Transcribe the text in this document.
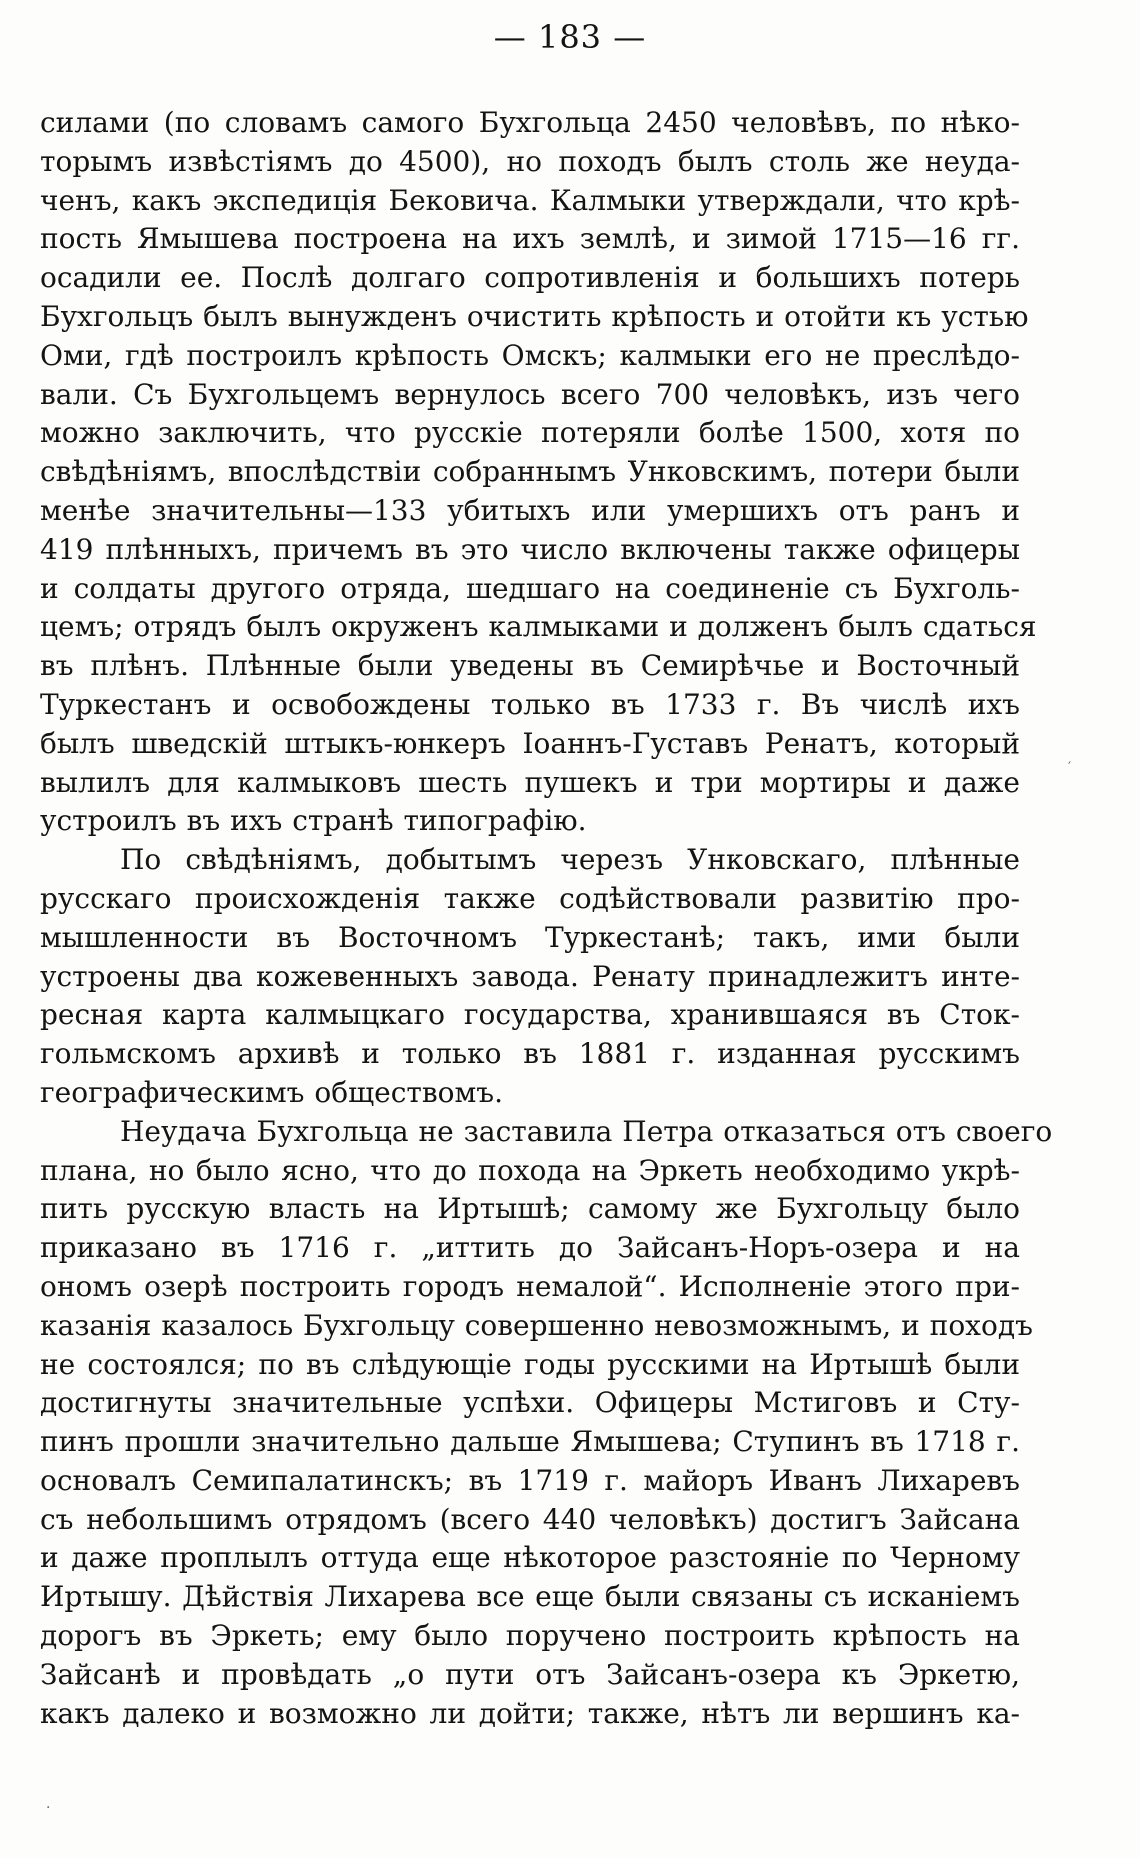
— 183 —
силами (по словамъ самого Бухгольца 2450 человѣвъ, по нѣко-
торымъ извѣстіямъ до 4500), но походъ былъ столь же неуда-
ченъ, какъ экспедиція Бековича. Калмыки утверждали, что крѣ-
пость Ямышева построена на ихъ землѣ, и зимой 1715—16 гг.
осадили ее. Послѣ долгаго сопротивленія и большихъ потерь
Бухгольцъ былъ вынужденъ очистить крѣпость и отойти къ устью
Оми, гдѣ построилъ крѣпость Омскъ; калмыки его не преслѣдо-
вали. Съ Бухгольцемъ вернулось всего 700 человѣкъ, изъ чего
можно заключить, что русскіе потеряли болѣе 1500, хотя по
свѣдѣніямъ, впослѣдствіи собраннымъ Унковскимъ, потери были
менѣе значительны—133 убитыхъ или умершихъ отъ ранъ и
419 плѣнныхъ, причемъ въ это число включены также офицеры
и солдаты другого отряда, шедшаго на соединеніе съ Бухголь-
цемъ; отрядъ былъ окруженъ калмыками и долженъ былъ сдаться
въ плѣнъ. Плѣнные были уведены въ Семирѣчье и Восточный
Туркестанъ и освобождены только въ 1733 г. Въ числѣ ихъ
былъ шведскій штыкъ-юнкеръ Іоаннъ-Густавъ Ренатъ, который
вылилъ для калмыковъ шесть пушекъ и три мортиры и даже
устроилъ въ ихъ странѣ типографію.
По свѣдѣніямъ, добытымъ черезъ Унковскаго, плѣнные
русскаго происхожденія также содѣйствовали развитію про-
мышленности въ Восточномъ Туркестанѣ; такъ, ими были
устроены два кожевенныхъ завода. Ренату принадлежитъ инте-
ресная карта калмыцкаго государства, хранившаяся въ Сток-
гольмскомъ архивѣ и только въ 1881 г. изданная русскимъ
географическимъ обществомъ.
Неудача Бухгольца не заставила Петра отказаться отъ своего
плана, но было ясно, что до похода на Эркеть необходимо укрѣ-
пить русскую власть на Иртышѣ; самому же Бухгольцу было
приказано въ 1716 г. „иттить до Зайсанъ-Норъ-озера и на
ономъ озерѣ построить городъ немалой“. Исполненіе этого при-
казанія казалось Бухгольцу совершенно невозможнымъ, и походъ
не состоялся; по въ слѣдующіе годы русскими на Иртышѣ были
достигнуты значительные успѣхи. Офицеры Мстиговъ и Сту-
пинъ прошли значительно дальше Ямышева; Ступинъ въ 1718 г.
основалъ Семипалатинскъ; въ 1719 г. майоръ Иванъ Лихаревъ
съ небольшимъ отрядомъ (всего 440 человѣкъ) достигъ Зайсана
и даже проплылъ оттуда еще нѣкоторое разстояніе по Черному
Иртышу. Дѣйствія Лихарева все еще были связаны съ исканіемъ
дорогъ въ Эркеть; ему было поручено построить крѣпость на
Зайсанѣ и провѣдать „о пути отъ Зайсанъ-озера къ Эркетю,
какъ далеко и возможно ли дойти; также, нѣтъ ли вершинъ ка-
′
·
